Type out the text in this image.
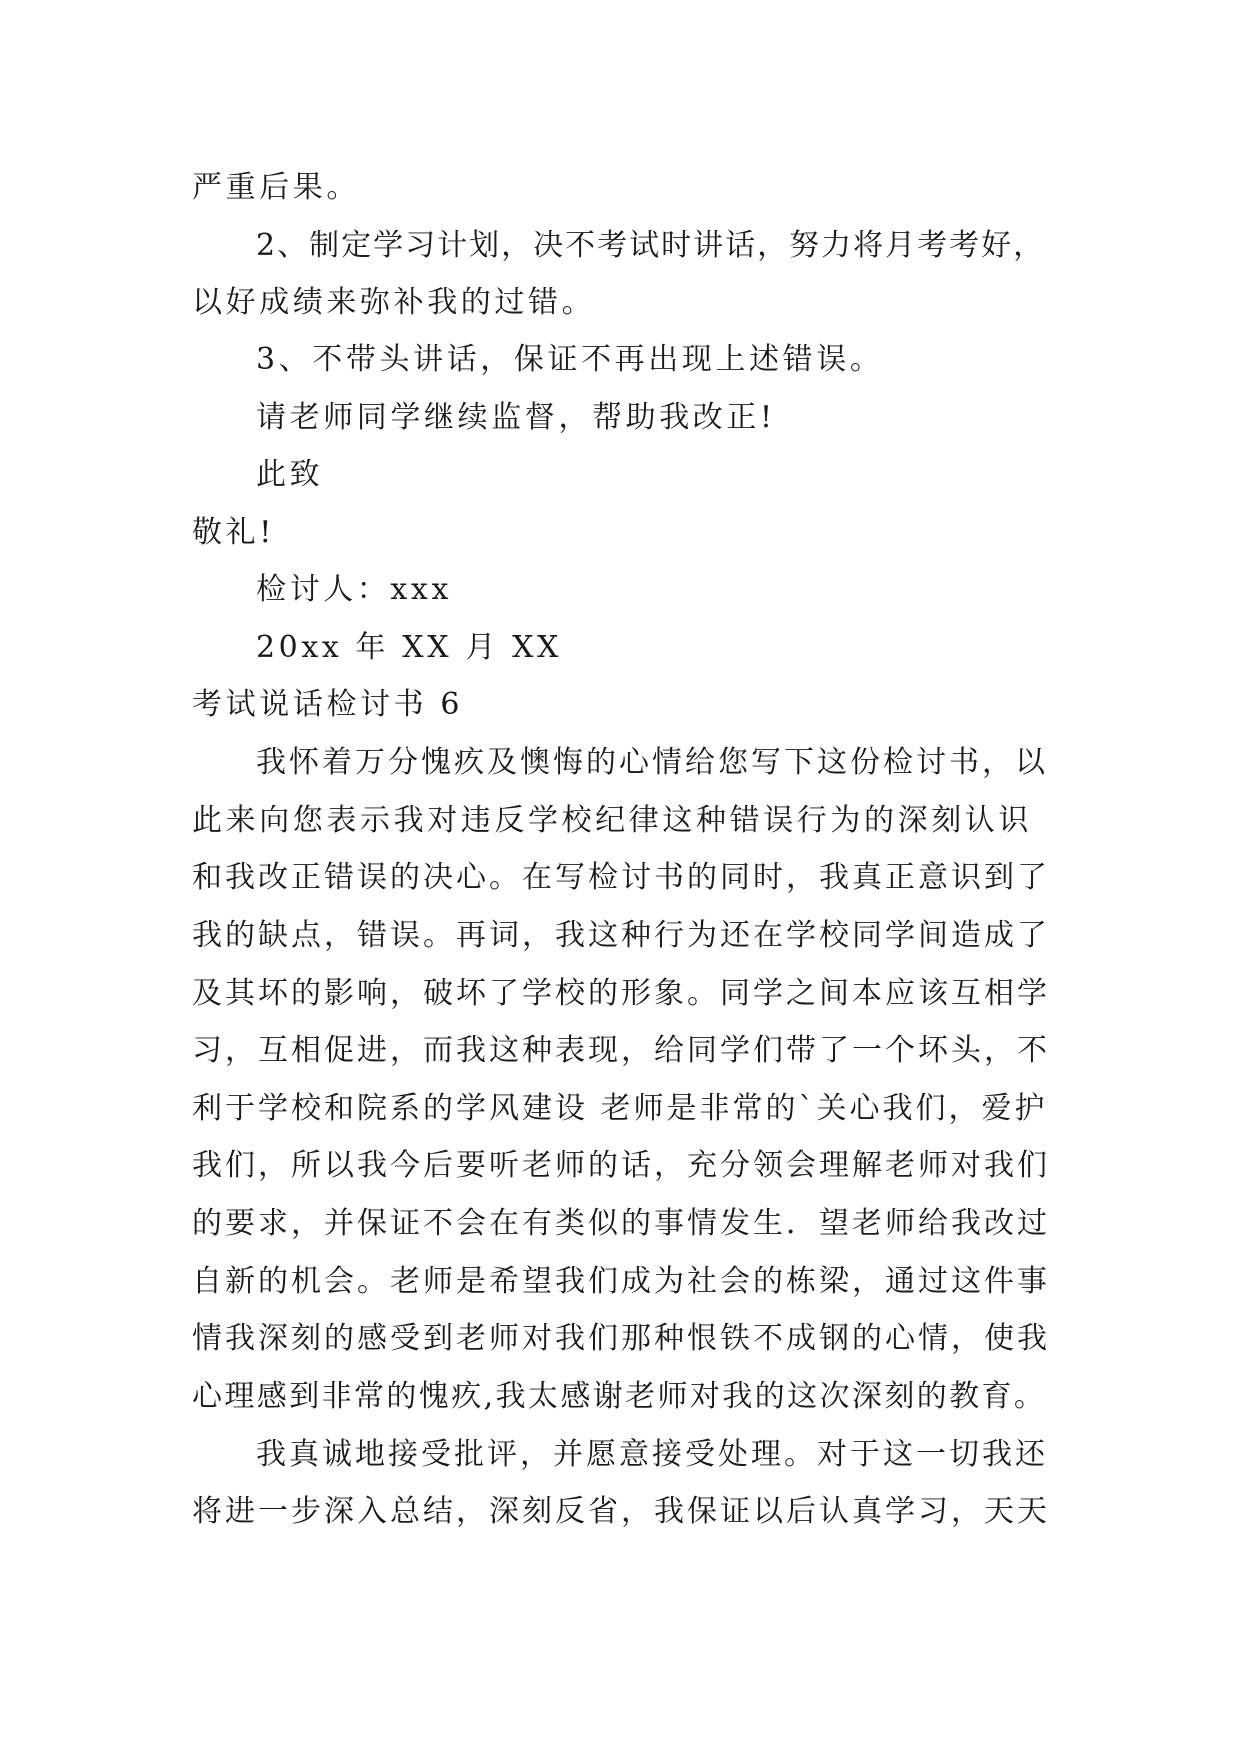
严重后果。
2、制定学习计划，决不考试时讲话，努力将月考考好，
以好成绩来弥补我的过错。
3、不带头讲话，保证不再出现上述错误。
请老师同学继续监督，帮助我改正!
此致
敬礼!
检讨人：xxx
20xx 年 XX 月 XX
考试说话检讨书 6
我怀着万分愧疚及懊悔的心情给您写下这份检讨书，以
此来向您表示我对违反学校纪律这种错误行为的深刻认识
和我改正错误的决心。在写检讨书的同时，我真正意识到了
我的缺点，错误。再词，我这种行为还在学校同学间造成了
及其坏的影响，破坏了学校的形象。同学之间本应该互相学
习，互相促进，而我这种表现，给同学们带了一个坏头，不
利于学校和院系的学风建设 老师是非常的`关心我们，爱护
我们，所以我今后要听老师的话，充分领会理解老师对我们
的要求，并保证不会在有类似的事情发生．望老师给我改过
自新的机会。老师是希望我们成为社会的栋梁，通过这件事
情我深刻的感受到老师对我们那种恨铁不成钢的心情，使我
心理感到非常的愧疚,我太感谢老师对我的这次深刻的教育。
我真诚地接受批评，并愿意接受处理。对于这一切我还
将进一步深入总结，深刻反省，我保证以后认真学习，天天
